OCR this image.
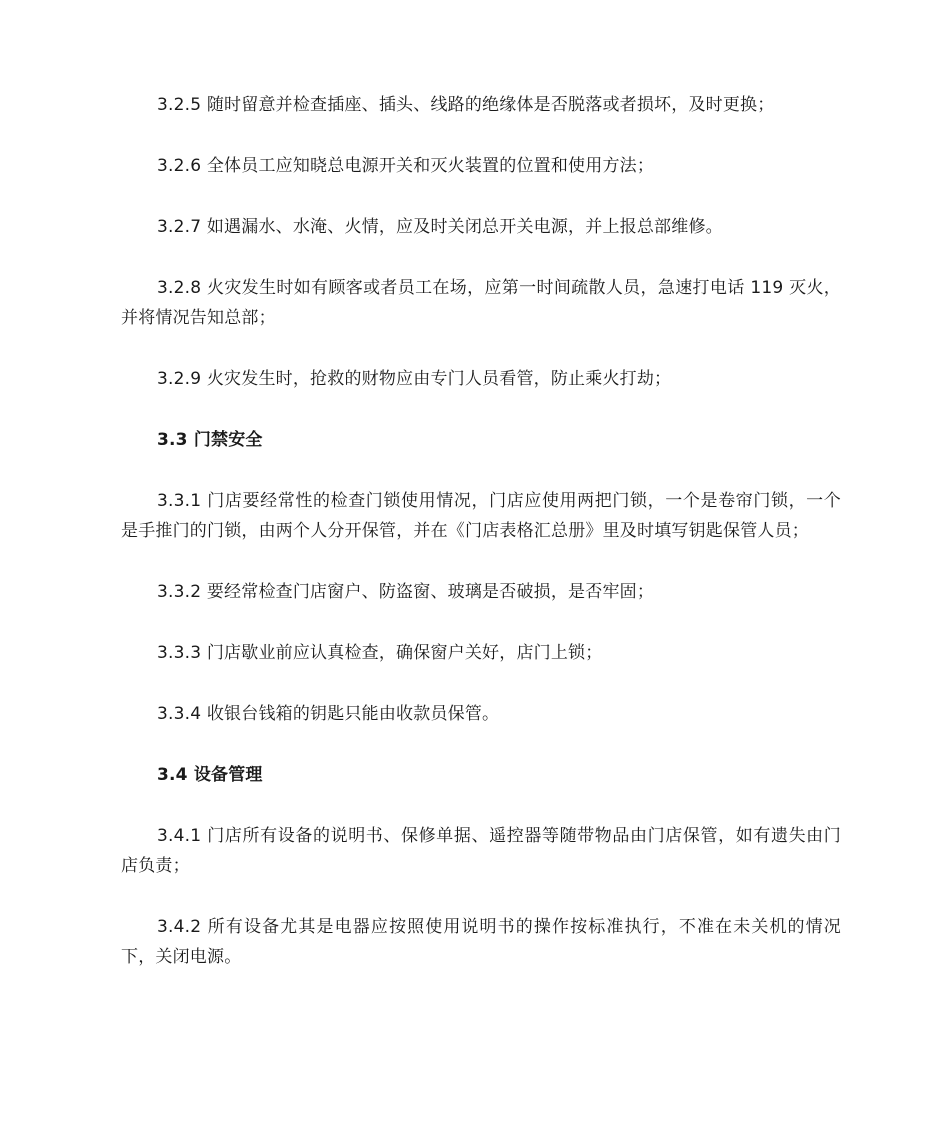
3.2.5 随时留意并检查插座、插头、线路的绝缘体是否脱落或者损坏，及时更换；

3.2.6 全体员工应知晓总电源开关和灭火装置的位置和使用方法；

3.2.7 如遇漏水、水淹、火情，应及时关闭总开关电源，并上报总部维修。

3.2.8 火灾发生时如有顾客或者员工在场，应第一时间疏散人员，急速打电话 119 灭火，并将情况告知总部；

3.2.9 火灾发生时，抢救的财物应由专门人员看管，防止乘火打劫；

3.3 门禁安全

3.3.1 门店要经常性的检查门锁使用情况，门店应使用两把门锁，一个是卷帘门锁，一个是手推门的门锁，由两个人分开保管，并在《门店表格汇总册》里及时填写钥匙保管人员；

3.3.2 要经常检查门店窗户、防盗窗、玻璃是否破损，是否牢固；

3.3.3 门店歇业前应认真检查，确保窗户关好，店门上锁；

3.3.4 收银台钱箱的钥匙只能由收款员保管。

3.4 设备管理

3.4.1 门店所有设备的说明书、保修单据、遥控器等随带物品由门店保管，如有遗失由门店负责；

3.4.2 所有设备尤其是电器应按照使用说明书的操作按标准执行，不准在未关机的情况下，关闭电源。
